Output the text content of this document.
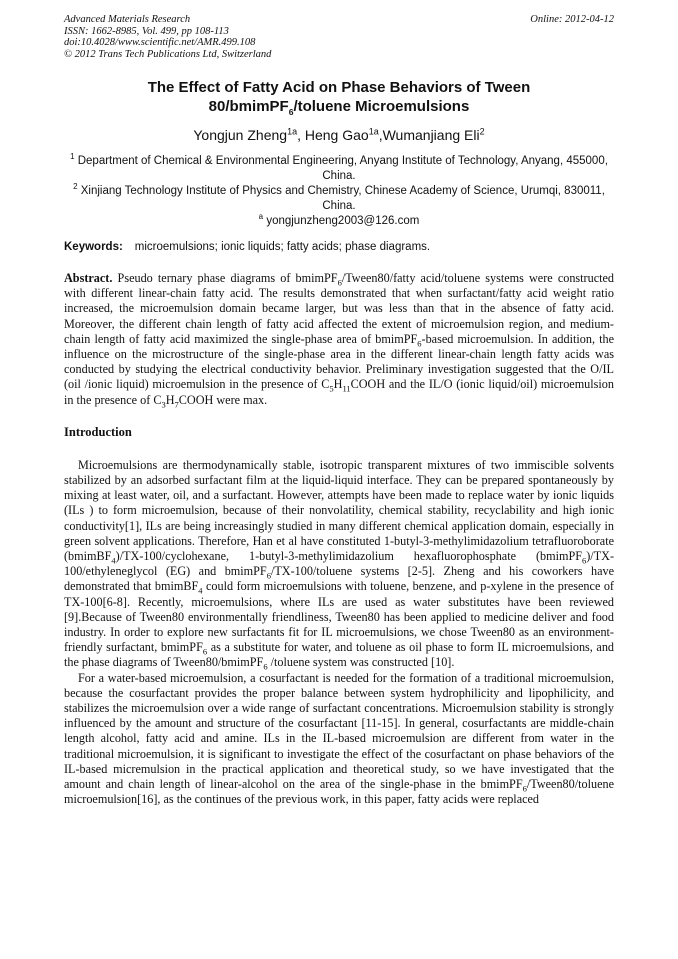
Advanced Materials Research
ISSN: 1662-8985, Vol. 499, pp 108-113
doi:10.4028/www.scientific.net/AMR.499.108
© 2012 Trans Tech Publications Ltd, Switzerland
Online: 2012-04-12
The Effect of Fatty Acid on Phase Behaviors of Tween
80/bmimPF$_6$/toluene Microemulsions
Yongjun Zheng$^{1a}$, Heng Gao$^{1a}$,Wumanjiang Eli$^2$
$^1$ Department of Chemical & Environmental Engineering, Anyang Institute of Technology, Anyang, 455000, China.
$^2$ Xinjiang Technology Institute of Physics and Chemistry, Chinese Academy of Science, Urumqi, 830011, China.
$^a$ yongjunzheng2003@126.com
Keywords: microemulsions; ionic liquids; fatty acids; phase diagrams.

Abstract. Pseudo ternary phase diagrams of bmimPF$_6$/Tween80/fatty acid/toluene systems were constructed with different linear-chain fatty acid. The results demonstrated that when surfactant/fatty acid weight ratio increased, the microemulsion domain became larger, but was less than that in the absence of fatty acid. Moreover, the different chain length of fatty acid affected the extent of microemulsion region, and medium-chain length of fatty acid maximized the single-phase area of bmimPF$_6$-based microemulsion. In addition, the influence on the microstructure of the single-phase area in the different linear-chain length fatty acids was conducted by studying the electrical conductivity behavior. Preliminary investigation suggested that the O/IL (oil /ionic liquid) microemulsion in the presence of $C_5H_{11}COOH$ and the IL/O (ionic liquid/oil) microemulsion in the presence of $C_3H_7COOH$ were max.

Introduction

Microemulsions are thermodynamically stable, isotropic transparent mixtures of two immiscible solvents stabilized by an adsorbed surfactant film at the liquid-liquid interface. They can be prepared spontaneously by mixing at least water, oil, and a surfactant. However, attempts have been made to replace water by ionic liquids (ILs ) to form microemulsion, because of their nonvolatility, chemical stability, recyclability and high ionic conductivity[1], ILs are being increasingly studied in many different chemical application domain, especially in green solvent applications. Therefore, Han et al have constituted 1-butyl-3-methylimidazolium tetrafluoroborate (bmimBF$_4$)/TX-100/cyclohexane, 1-butyl-3-methylimidazolium hexafluorophosphate (bmimPF$_6$)/TX-100/ethyleneglycol (EG) and bmimPF$_6$/TX-100/toluene systems [2-5]. Zheng and his coworkers have demonstrated that bmimBF$_4$ could form microemulsions with toluene, benzene, and p-xylene in the presence of TX-100[6-8]. Recently, microemulsions, where ILs are used as water substitutes have been reviewed [9].Because of Tween80 environmentally friendliness, Tween80 has been applied to medicine deliver and food industry. In order to explore new surfactants fit for IL microemulsions, we chose Tween80 as an environment-friendly surfactant, bmimPF$_6$ as a substitute for water, and toluene as oil phase to form IL microemulsions, and the phase diagrams of Tween80/bmimPF$_6$ /toluene system was constructed [10].

For a water-based microemulsion, a cosurfactant is needed for the formation of a traditional microemulsion, because the cosurfactant provides the proper balance between system hydrophilicity and lipophilicity, and stabilizes the microemulsion over a wide range of surfactant concentrations. Microemulsion stability is strongly influenced by the amount and structure of the cosurfactant [11-15]. In general, cosurfactants are middle-chain length alcohol, fatty acid and amine. ILs in the IL-based microemulsion are different from water in the traditional microemulsion, it is significant to investigate the effect of the cosurfactant on phase behaviors of the IL-based micremulsion in the practical application and theoretical study, so we have investigated that the amount and chain length of linear-alcohol on the area of the single-phase in the bmimPF$_6$/Tween80/toluene microemulsion[16], as the continues of the previous work, in this paper, fatty acids were replaced
